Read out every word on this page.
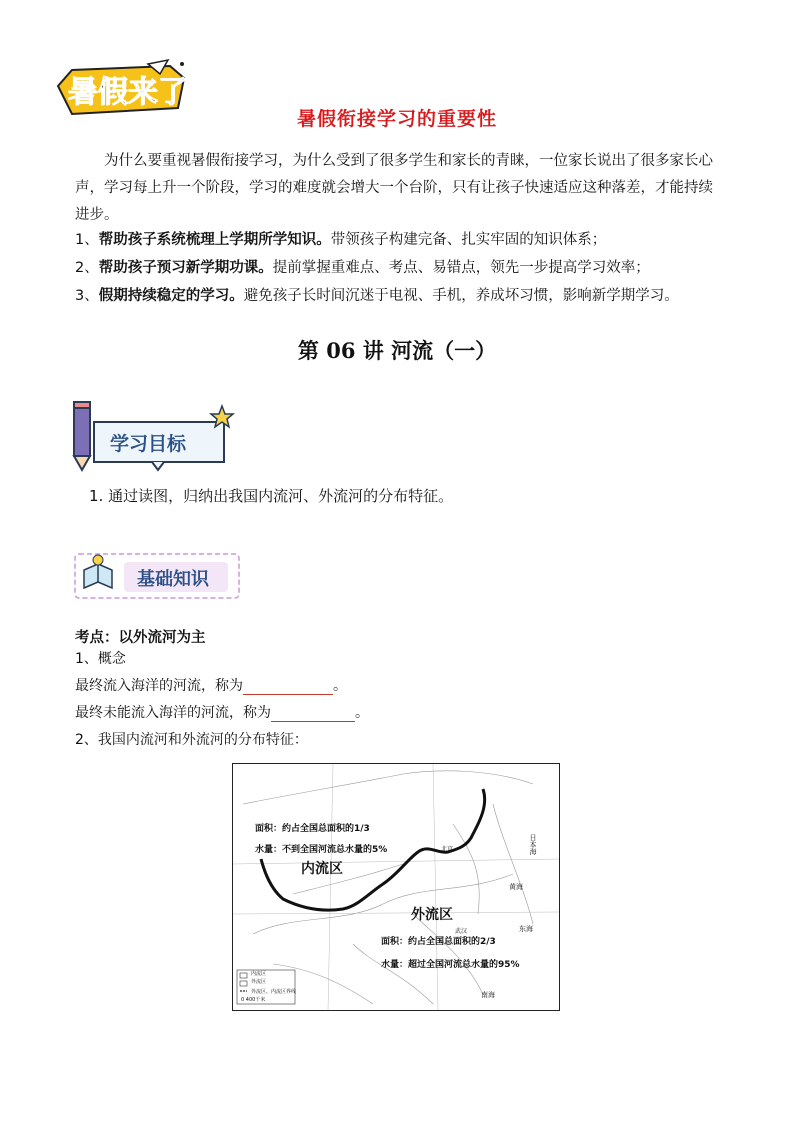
暑假来了
暑假衔接学习的重要性
为什么要重视暑假衔接学习，为什么受到了很多学生和家长的青睐，一位家长说出了很多家长心声，学习每上升一个阶段，学习的难度就会增大一个台阶，只有让孩子快速适应这种落差，才能持续进步。
1、帮助孩子系统梳理上学期所学知识。带领孩子构建完备、扎实牢固的知识体系；
2、帮助孩子预习新学期功课。提前掌握重难点、考点、易错点，领先一步提高学习效率；
3、假期持续稳定的学习。避免孩子长时间沉迷于电视、手机，养成坏习惯，影响新学期学习。
第 06 讲 河流（一）
学习目标
1. 通过读图，归纳出我国内流河、外流河的分布特征。
基础知识
考点：以外流河为主
1、概念
最终流入海洋的河流，称为	。
最终未能流入海洋的河流，称为	。
2、我国内流河和外流河的分布特征：
面积：约占全国总面积的1/3
水量：不到全国河流总水量的5%
内流区
外流区
面积：约占全国总面积的2/3
水量：超过全国河流总水量的95%
内流区
外流区
外流区、内流区界线
0 400千米
北京	日本海
黄海
东海
南海
武汉
